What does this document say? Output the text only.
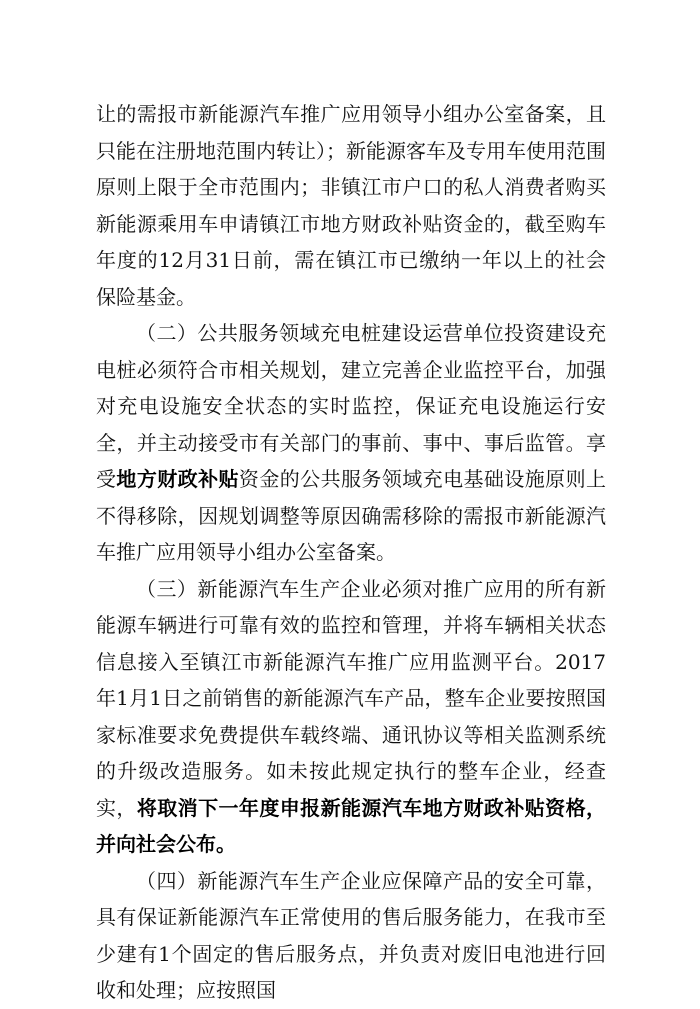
让的需报市新能源汽车推广应用领导小组办公室备案，且只能在注册地范围内转让）；新能源客车及专用车使用范围原则上限于全市范围内；非镇江市户口的私人消费者购买新能源乘用车申请镇江市地方财政补贴资金的，截至购车年度的12月31日前，需在镇江市已缴纳一年以上的社会保险基金。

（二）公共服务领域充电桩建设运营单位投资建设充电桩必须符合市相关规划，建立完善企业监控平台，加强对充电设施安全状态的实时监控，保证充电设施运行安全，并主动接受市有关部门的事前、事中、事后监管。享受地方财政补贴资金的公共服务领域充电基础设施原则上不得移除，因规划调整等原因确需移除的需报市新能源汽车推广应用领导小组办公室备案。

（三）新能源汽车生产企业必须对推广应用的所有新能源车辆进行可靠有效的监控和管理，并将车辆相关状态信息接入至镇江市新能源汽车推广应用监测平台。2017年1月1日之前销售的新能源汽车产品，整车企业要按照国家标准要求免费提供车载终端、通讯协议等相关监测系统的升级改造服务。如未按此规定执行的整车企业，经查实，将取消下一年度申报新能源汽车地方财政补贴资格，并向社会公布。

（四）新能源汽车生产企业应保障产品的安全可靠，具有保证新能源汽车正常使用的售后服务能力，在我市至少建有1个固定的售后服务点，并负责对废旧电池进行回收和处理；应按照国
